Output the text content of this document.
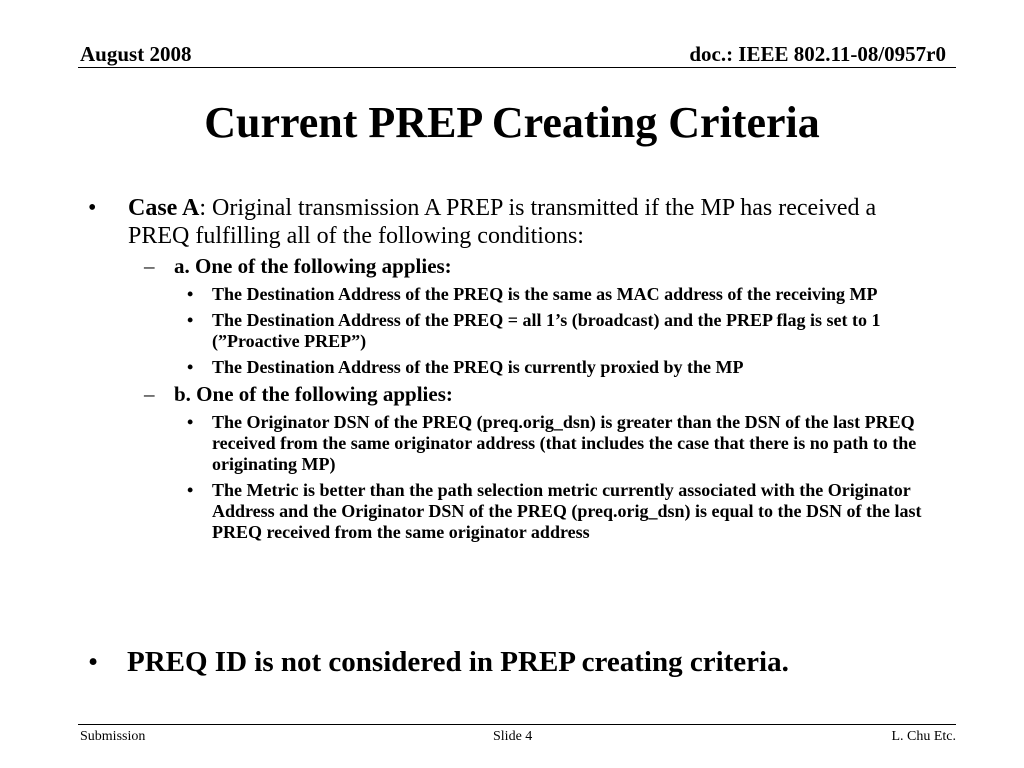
August 2008	doc.: IEEE 802.11-08/0957r0
Current PREP Creating Criteria
• Case A: Original transmission A PREP is transmitted if the MP has received a PREQ fulfilling all of the following conditions:
– a. One of the following applies:
• The Destination Address of the PREQ is the same as MAC address of the receiving MP
• The Destination Address of the PREQ = all 1’s (broadcast) and the PREP flag is set to 1 (”Proactive PREP”)
• The Destination Address of the PREQ is currently proxied by the MP
– b. One of the following applies:
• The Originator DSN of the PREQ (preq.orig_dsn) is greater than the DSN of the last PREQ received from the same originator address (that includes the case that there is no path to the originating MP)
• The Metric is better than the path selection metric currently associated with the Originator Address and the Originator DSN of the PREQ (preq.orig_dsn) is equal to the DSN of the last PREQ received from the same originator address
• PREQ ID is not considered in PREP creating criteria.
Submission	Slide 4	L. Chu Etc.
